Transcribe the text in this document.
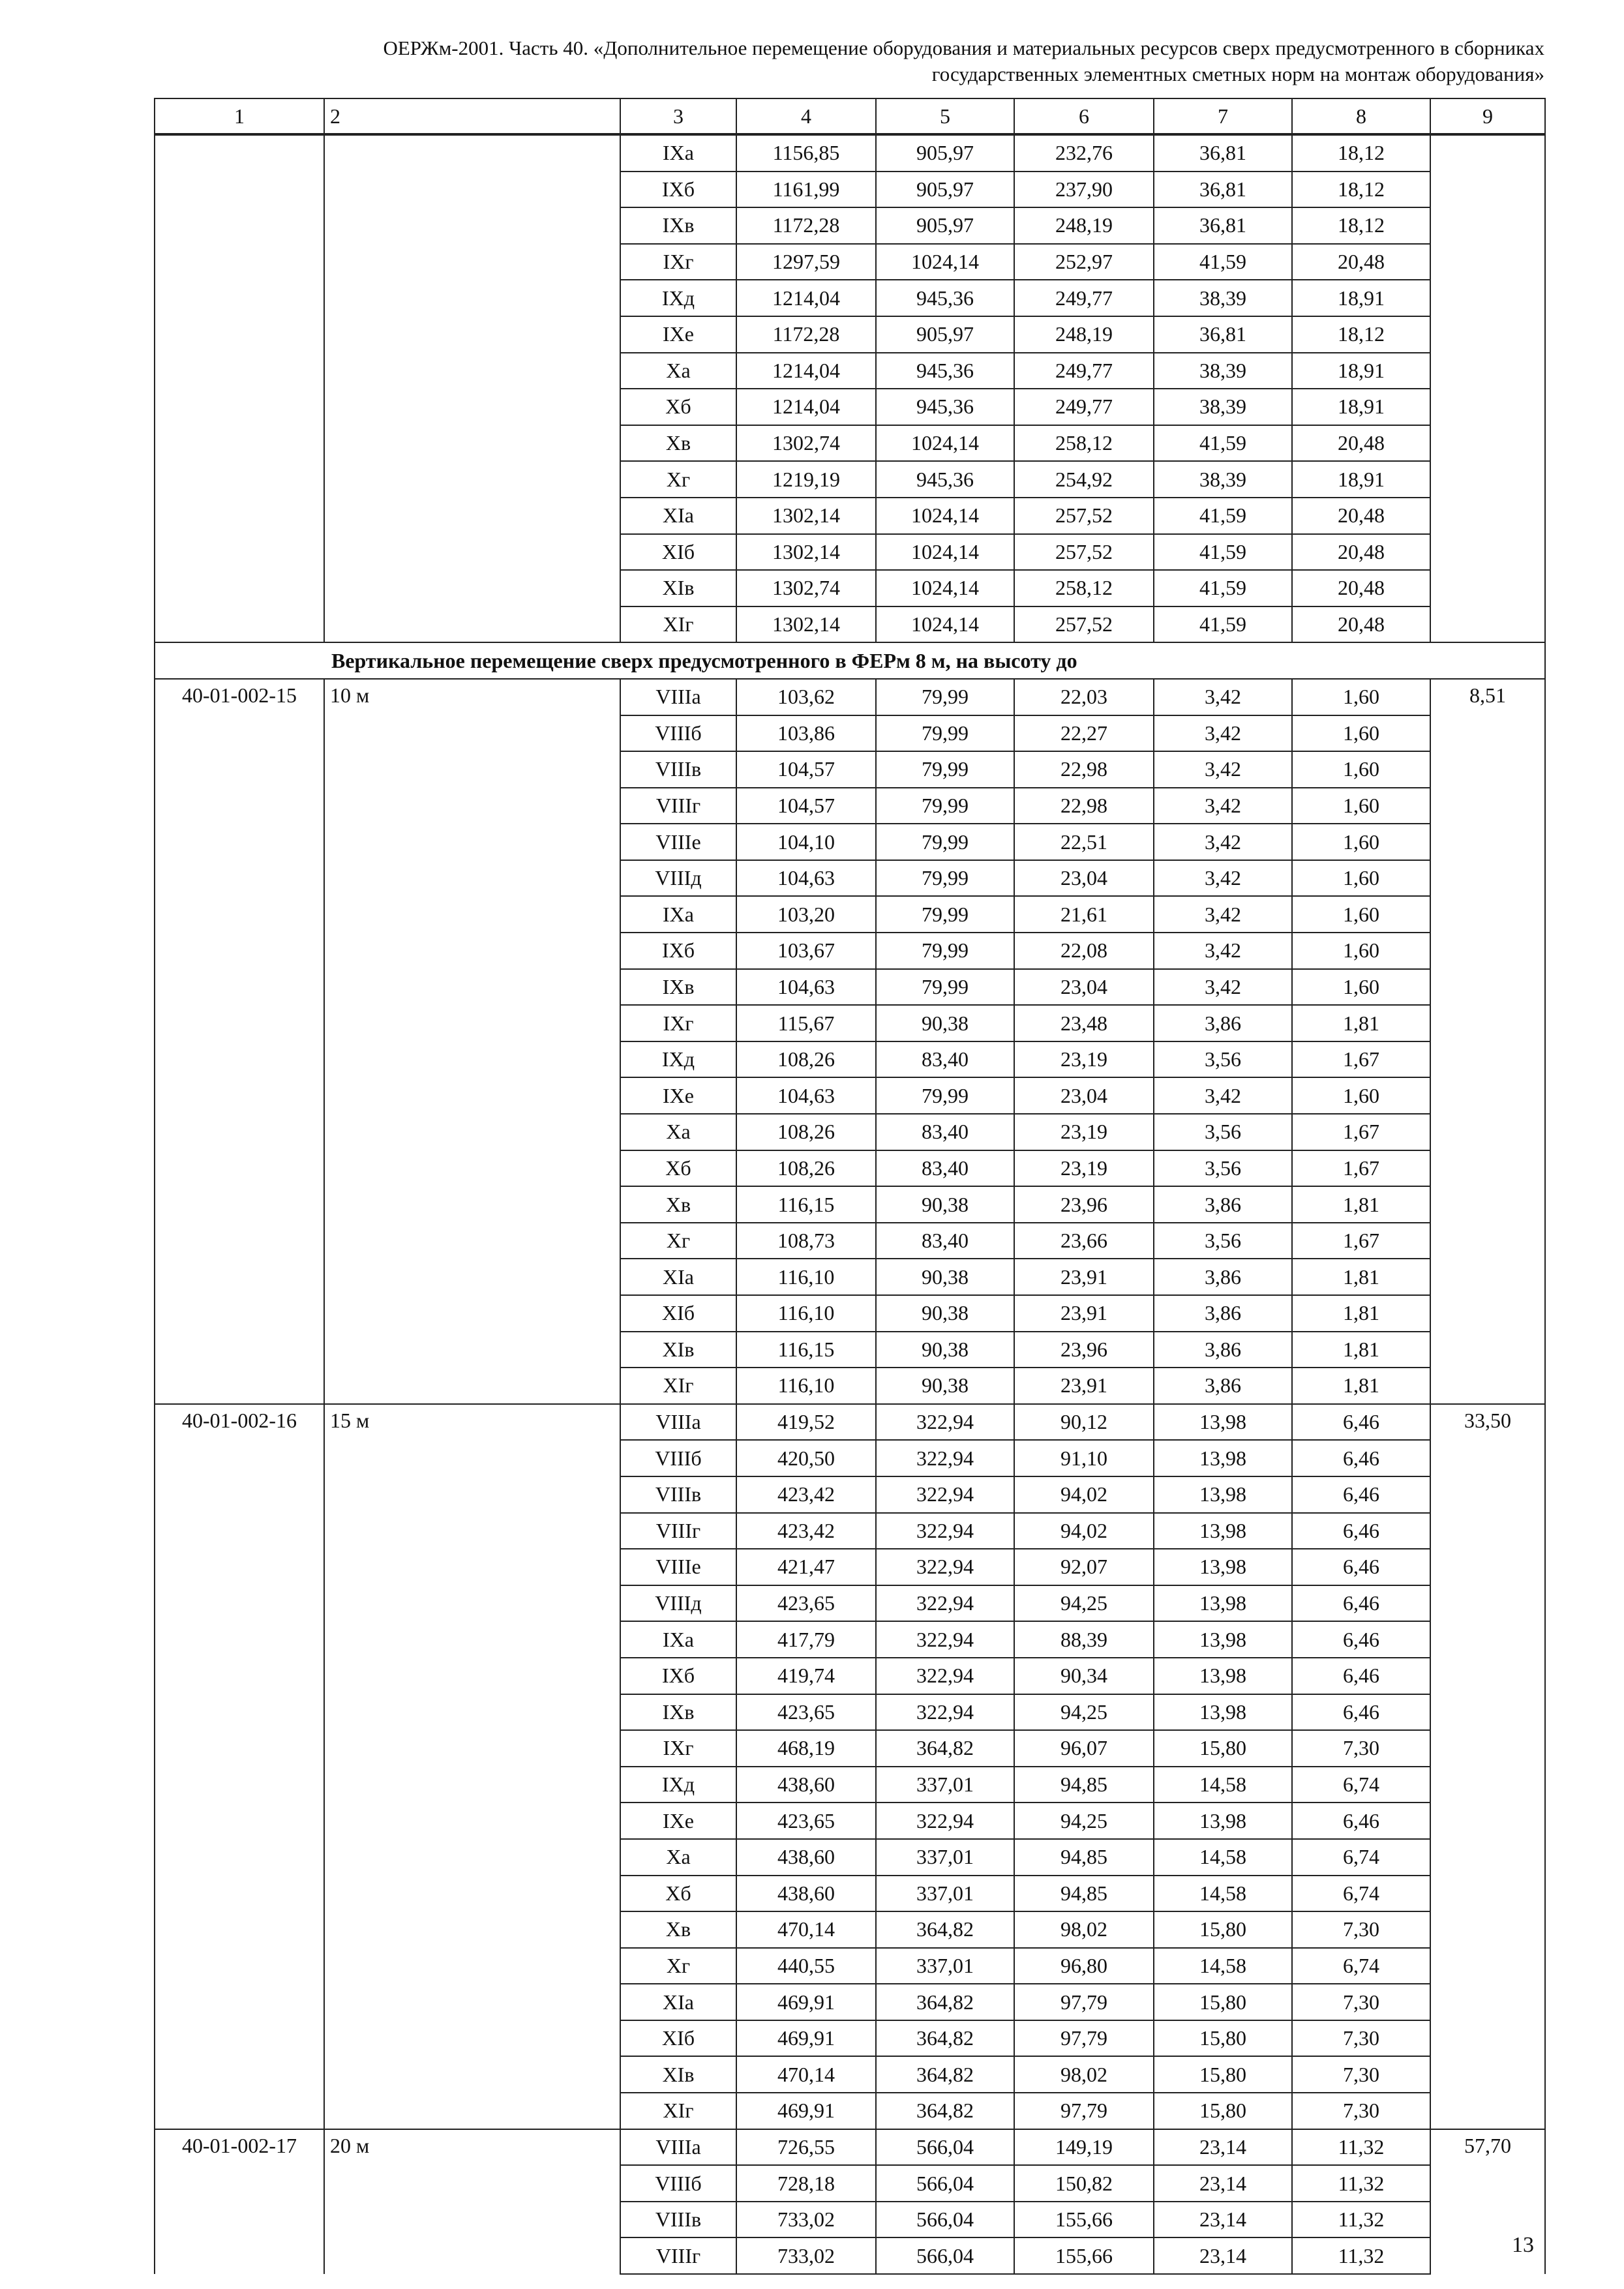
ОЕРЖм-2001. Часть 40. «Дополнительное перемещение оборудования и материальных ресурсов сверх предусмотренного в сборниках
государственных элементных сметных норм на монтаж оборудования»
1	2	3	4	5	6	7	8	9
		IXа	1156,85	905,97	232,76	36,81	18,12	
		IXб	1161,99	905,97	237,90	36,81	18,12	
		IXв	1172,28	905,97	248,19	36,81	18,12	
		IXг	1297,59	1024,14	252,97	41,59	20,48	
		IXд	1214,04	945,36	249,77	38,39	18,91	
		IXе	1172,28	905,97	248,19	36,81	18,12	
		Xа	1214,04	945,36	249,77	38,39	18,91	
		Xб	1214,04	945,36	249,77	38,39	18,91	
		Xв	1302,74	1024,14	258,12	41,59	20,48	
		Xг	1219,19	945,36	254,92	38,39	18,91	
		XIа	1302,14	1024,14	257,52	41,59	20,48	
		XIб	1302,14	1024,14	257,52	41,59	20,48	
		XIв	1302,74	1024,14	258,12	41,59	20,48	
		XIг	1302,14	1024,14	257,52	41,59	20,48	
Вертикальное перемещение сверх предусмотренного в ФЕРм 8 м, на высоту до								
40-01-002-15	10 м	VIIIа	103,62	79,99	22,03	3,42	1,60	8,51
		VIIIб	103,86	79,99	22,27	3,42	1,60	
		VIIIв	104,57	79,99	22,98	3,42	1,60	
		VIIIг	104,57	79,99	22,98	3,42	1,60	
		VIIIе	104,10	79,99	22,51	3,42	1,60	
		VIIIд	104,63	79,99	23,04	3,42	1,60	
		IXа	103,20	79,99	21,61	3,42	1,60	
		IXб	103,67	79,99	22,08	3,42	1,60	
		IXв	104,63	79,99	23,04	3,42	1,60	
		IXг	115,67	90,38	23,48	3,86	1,81	
		IXд	108,26	83,40	23,19	3,56	1,67	
		IXе	104,63	79,99	23,04	3,42	1,60	
		Xа	108,26	83,40	23,19	3,56	1,67	
		Xб	108,26	83,40	23,19	3,56	1,67	
		Xв	116,15	90,38	23,96	3,86	1,81	
		Xг	108,73	83,40	23,66	3,56	1,67	
		XIа	116,10	90,38	23,91	3,86	1,81	
		XIб	116,10	90,38	23,91	3,86	1,81	
		XIв	116,15	90,38	23,96	3,86	1,81	
		XIг	116,10	90,38	23,91	3,86	1,81	
40-01-002-16	15 м	VIIIа	419,52	322,94	90,12	13,98	6,46	33,50
		VIIIб	420,50	322,94	91,10	13,98	6,46	
		VIIIв	423,42	322,94	94,02	13,98	6,46	
		VIIIг	423,42	322,94	94,02	13,98	6,46	
		VIIIе	421,47	322,94	92,07	13,98	6,46	
		VIIIд	423,65	322,94	94,25	13,98	6,46	
		IXа	417,79	322,94	88,39	13,98	6,46	
		IXб	419,74	322,94	90,34	13,98	6,46	
		IXв	423,65	322,94	94,25	13,98	6,46	
		IXг	468,19	364,82	96,07	15,80	7,30	
		IXд	438,60	337,01	94,85	14,58	6,74	
		IXе	423,65	322,94	94,25	13,98	6,46	
		Xа	438,60	337,01	94,85	14,58	6,74	
		Xб	438,60	337,01	94,85	14,58	6,74	
		Xв	470,14	364,82	98,02	15,80	7,30	
		Xг	440,55	337,01	96,80	14,58	6,74	
		XIа	469,91	364,82	97,79	15,80	7,30	
		XIб	469,91	364,82	97,79	15,80	7,30	
		XIв	470,14	364,82	98,02	15,80	7,30	
		XIг	469,91	364,82	97,79	15,80	7,30	
40-01-002-17	20 м	VIIIа	726,55	566,04	149,19	23,14	11,32	57,70
		VIIIб	728,18	566,04	150,82	23,14	11,32	
		VIIIв	733,02	566,04	155,66	23,14	11,32	
		VIIIг	733,02	566,04	155,66	23,14	11,32		13
